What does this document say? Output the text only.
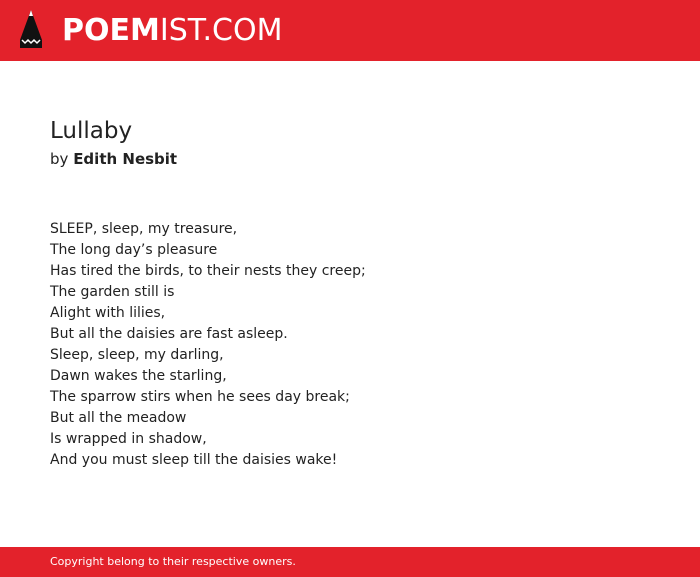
POEMIST.COM
Lullaby
by Edith Nesbit
SLEEP, sleep, my treasure,
The long day’s pleasure
Has tired the birds, to their nests they creep;
The garden still is
Alight with lilies,
But all the daisies are fast asleep.
Sleep, sleep, my darling,
Dawn wakes the starling,
The sparrow stirs when he sees day break;
But all the meadow
Is wrapped in shadow,
And you must sleep till the daisies wake!
Copyright belong to their respective owners.
